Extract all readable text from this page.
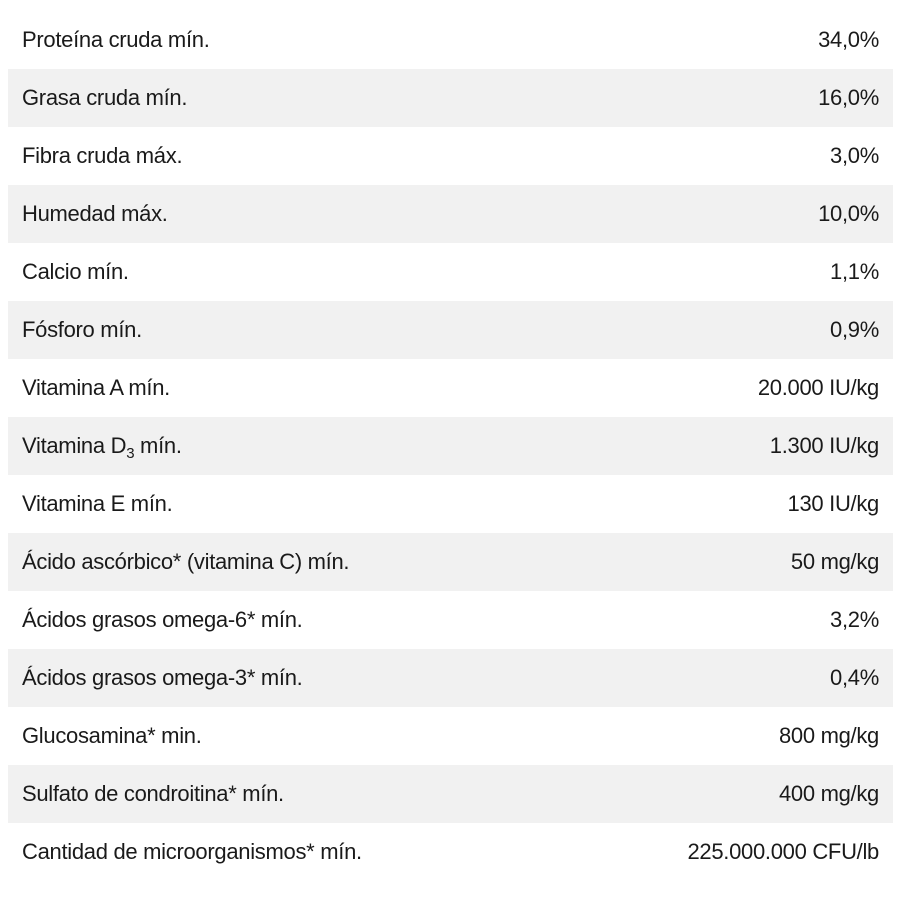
Proteína cruda mín.	34,0%
Grasa cruda mín.	16,0%
Fibra cruda máx.	3,0%
Humedad máx.	10,0%
Calcio mín.	1,1%
Fósforo mín.	0,9%
Vitamina A mín.	20.000 IU/kg
Vitamina $D_3$ mín.	1.300 IU/kg
Vitamina E mín.	130 IU/kg
Ácido ascórbico* (vitamina C) mín.	50 mg/kg
Ácidos grasos omega-6* mín.	3,2%
Ácidos grasos omega-3* mín.	0,4%
Glucosamina* min.	800 mg/kg
Sulfato de condroitina* mín.	400 mg/kg
Cantidad de microorganismos* mín.	225.000.000 CFU/lb
